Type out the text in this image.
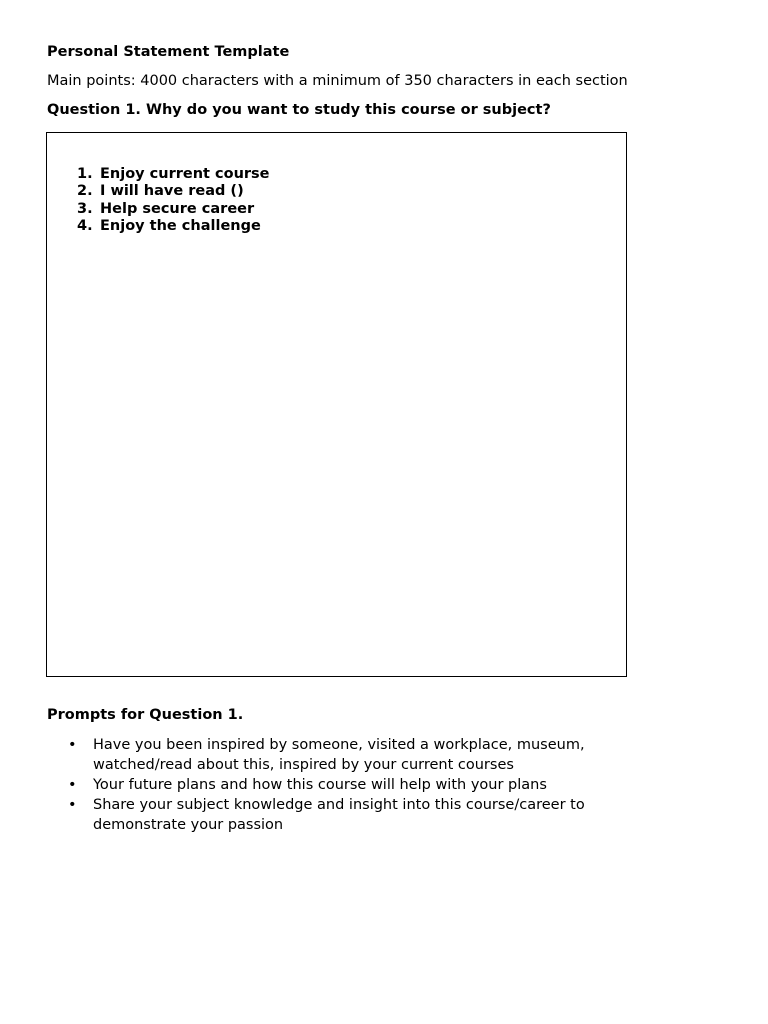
Personal Statement Template
Main points: 4000 characters with a minimum of 350 characters in each section
Question 1. Why do you want to study this course or subject?
1. Enjoy current course
2. I will have read ()
3. Help secure career
4. Enjoy the challenge
Prompts for Question 1.
• Have you been inspired by someone, visited a workplace, museum, watched/read about this, inspired by your current courses
• Your future plans and how this course will help with your plans
• Share your subject knowledge and insight into this course/career to demonstrate your passion
